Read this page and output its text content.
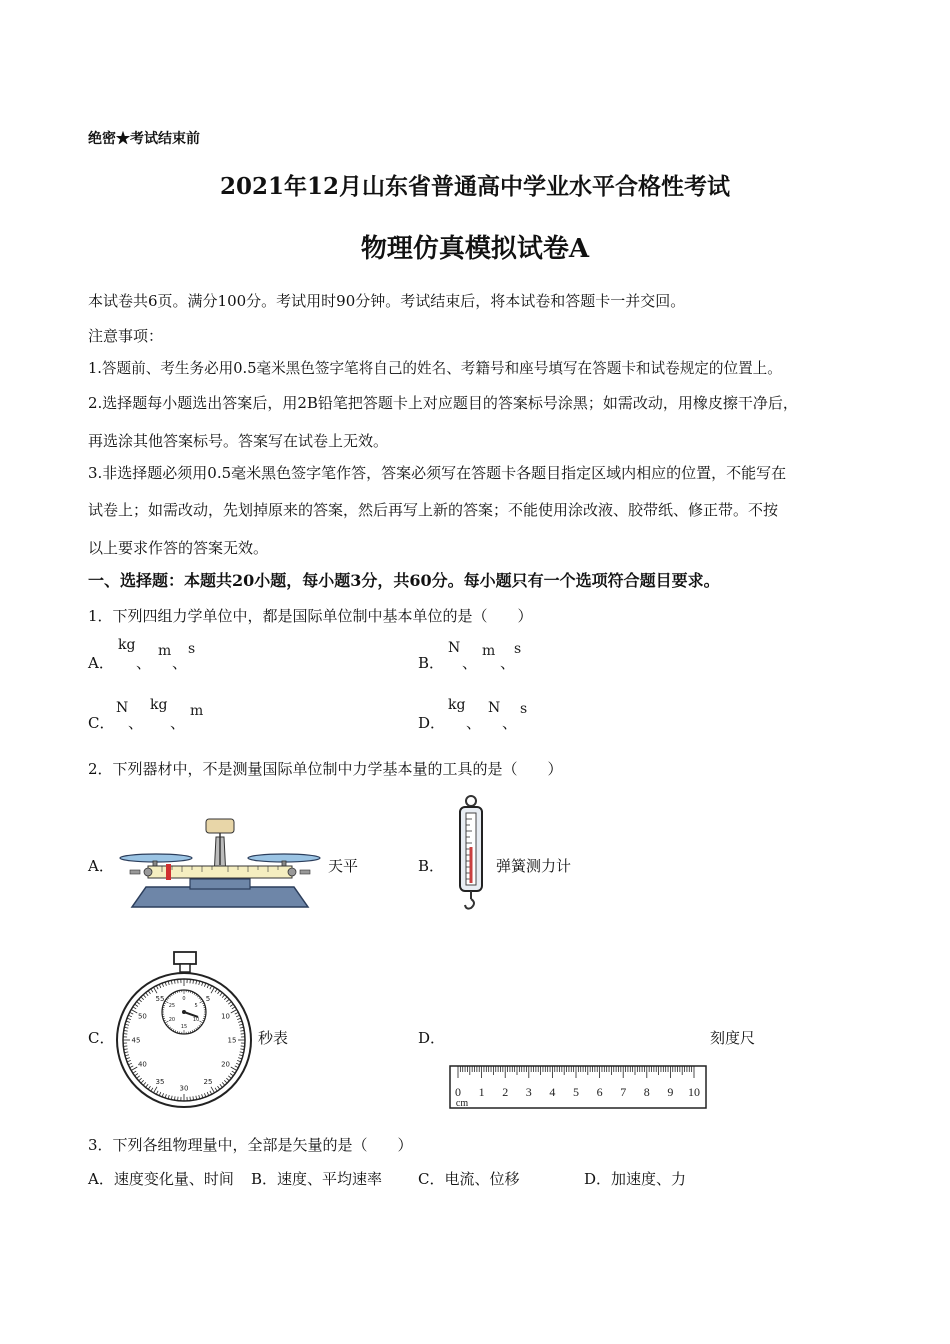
绝密★考试结束前
2021年12月山东省普通高中学业水平合格性考试
物理仿真模拟试卷A
本试卷共6页。满分100分。考试用时90分钟。考试结束后，将本试卷和答题卡一并交回。
注意事项：
1.答题前、考生务必用0.5毫米黑色签字笔将自己的姓名、考籍号和座号填写在答题卡和试卷规定的位置上。
2.选择题每小题选出答案后，用2B铅笔把答题卡上对应题目的答案标号涂黑；如需改动，用橡皮擦干净后，
再选涂其他答案标号。答案写在试卷上无效。
3.非选择题必须用0.5毫米黑色签字笔作答，答案必须写在答题卡各题目指定区域内相应的位置，不能写在
试卷上；如需改动，先划掉原来的答案，然后再写上新的答案；不能使用涂改液、胶带纸、修正带。不按
以上要求作答的答案无效。
一、选择题：本题共20小题，每小题3分，共60分。每小题只有一个选项符合题目要求。
1．下列四组力学单位中，都是国际单位制中基本单位的是（　　）
A．
kg
、
m
、
s
B．
N
、
m
、
s
C．
N
、
kg
、
m
D．
kg
、
N
、
s
2．下列器材中，不是测量国际单位制中力学基本量的工具的是（　　）
A．	天平	B．	弹簧测力计
C．
5
10
15
20
25
30
35
40
45
50
55	0
5
10
15
20
25
秒表	D．	刻度尺
0 1 2 3 4 5 6 7 8 9 10
cm
3．下列各组物理量中，全部是矢量的是（　　）
A．速度变化量、时间 B．速度、平均速率 C．电流、位移	D．加速度、力
